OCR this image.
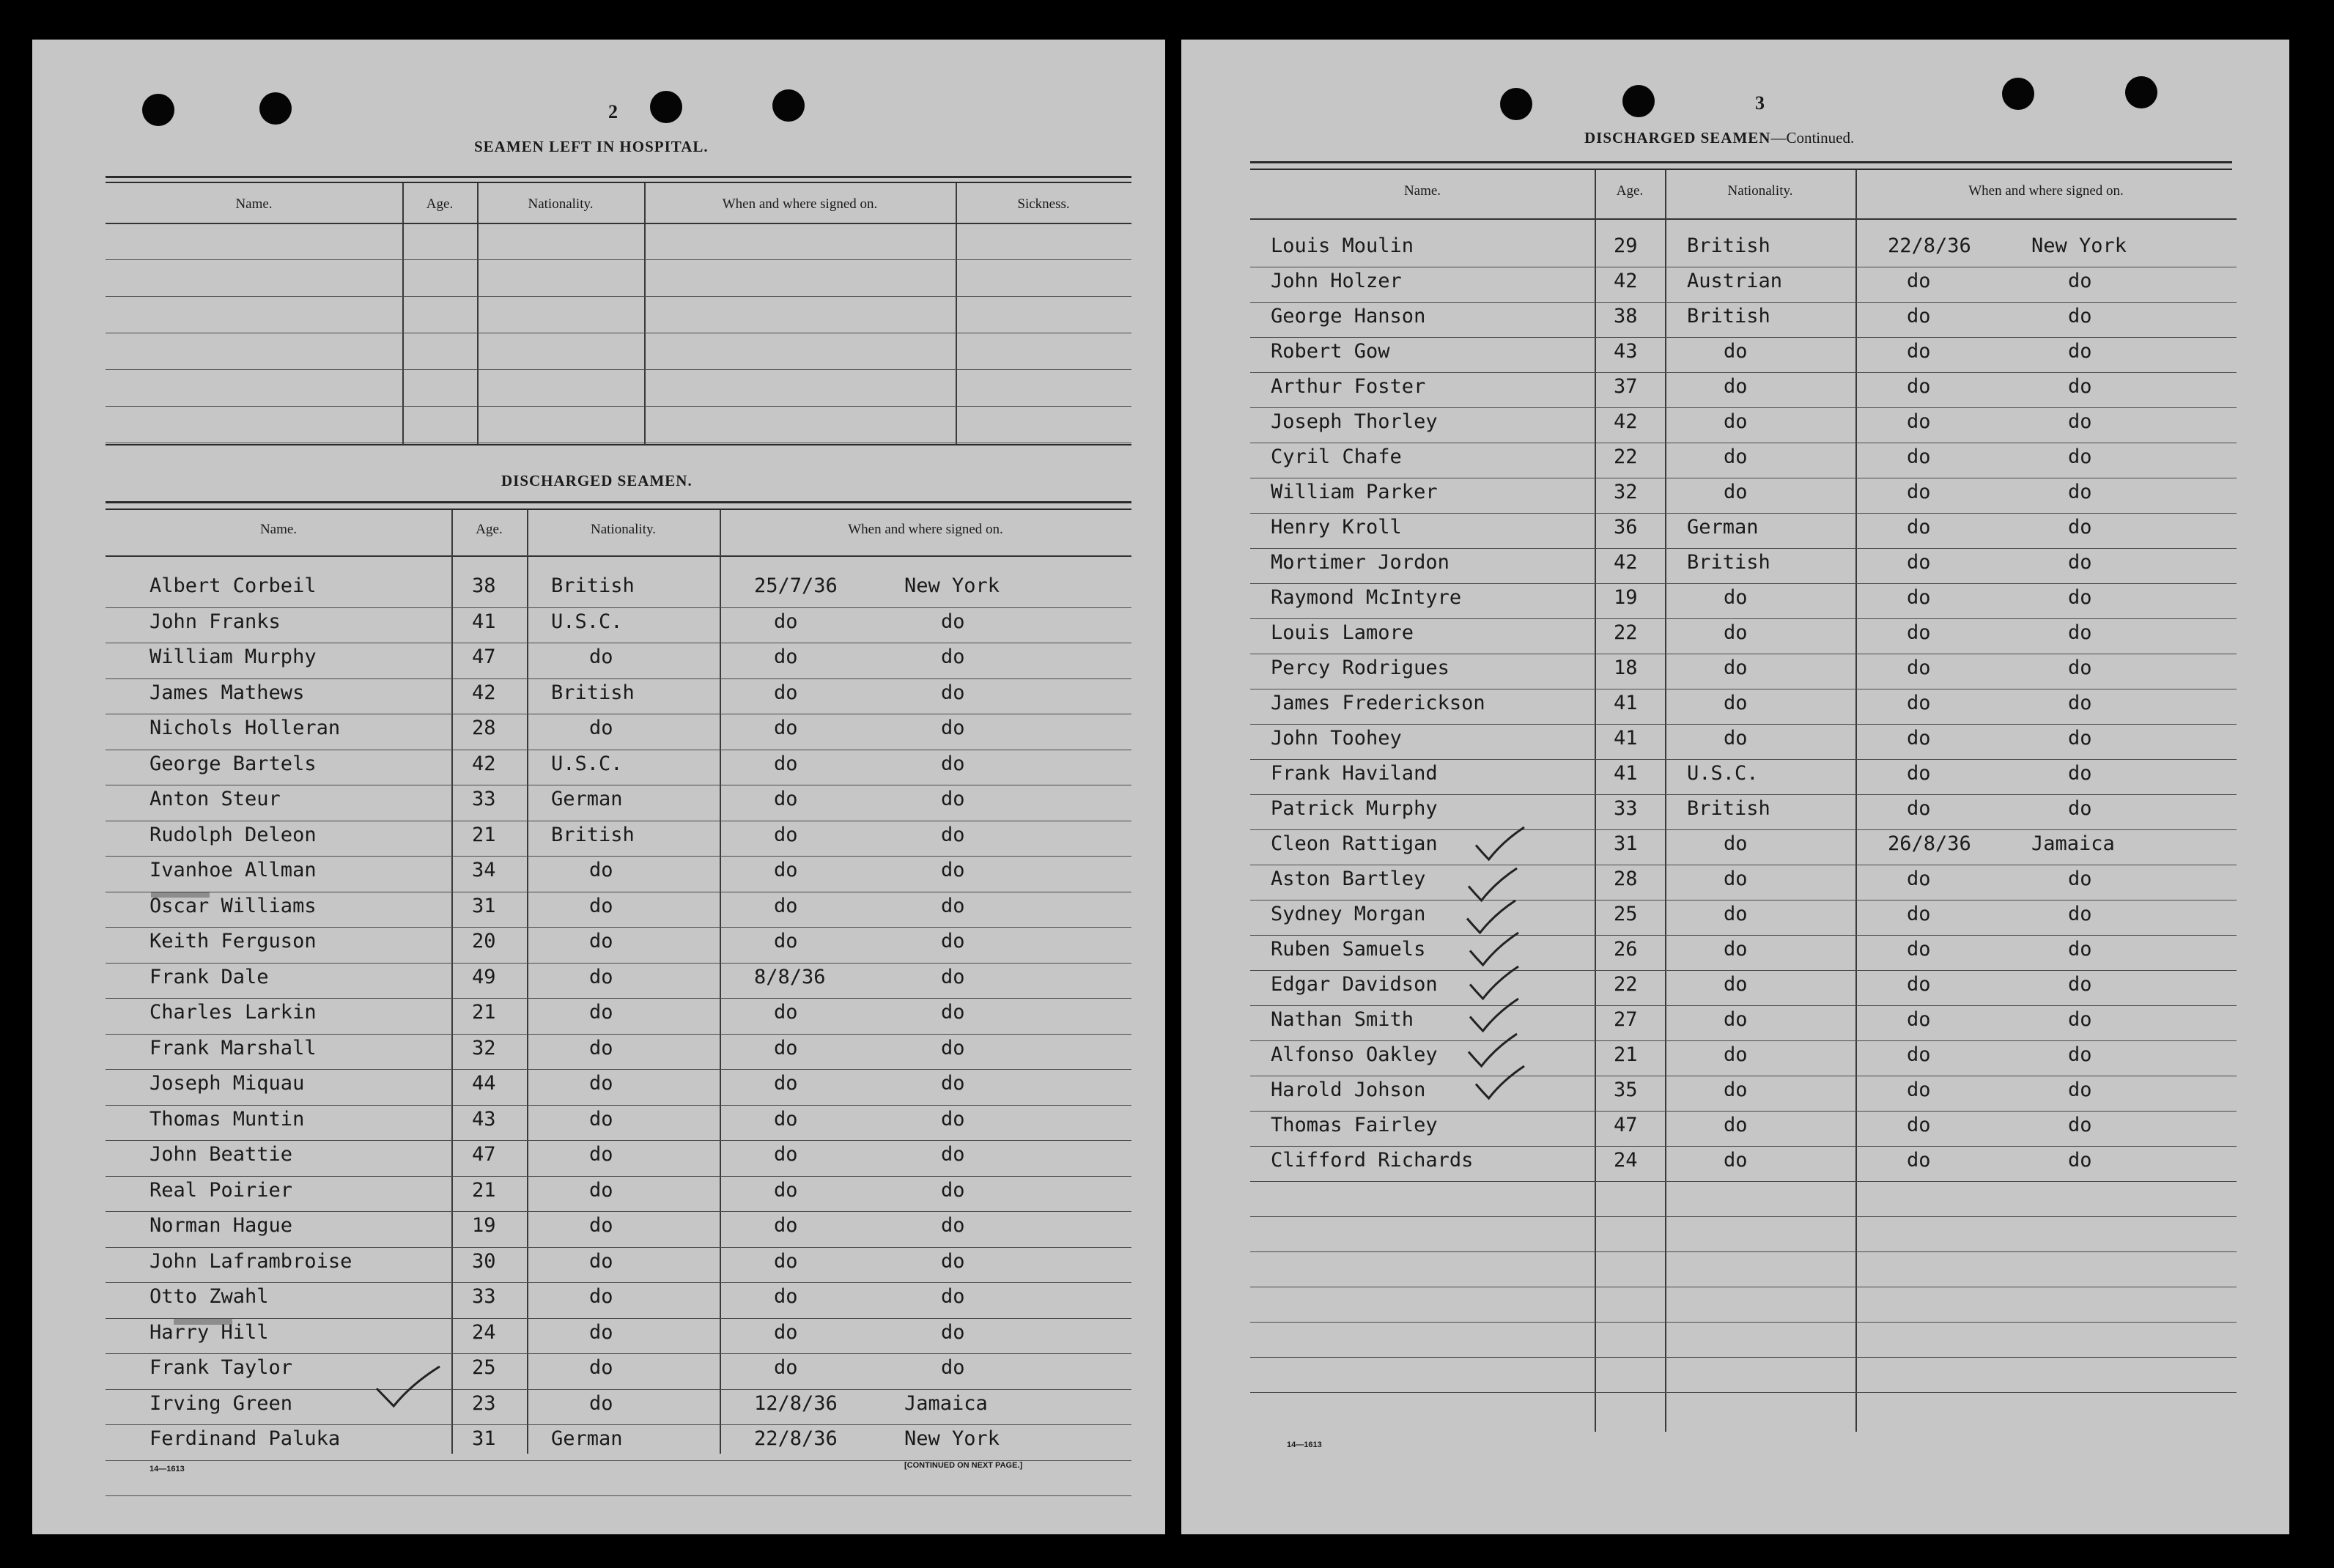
2
SEAMEN LEFT IN HOSPITAL.
Name.	Age.	Nationality.	When and where signed on.	Sickness.
DISCHARGED SEAMEN.
Name.	Age.	Nationality.	When and where signed on.
Albert Corbeil	38	British	25/7/36	New York
John Franks	41	U.S.C.	do	do
William Murphy	47	do	do	do
James Mathews	42	British	do	do
Nichols Holleran	28	do	do	do
George Bartels	42	U.S.C.	do	do
Anton Steur	33	German	do	do
Rudolph Deleon	21	British	do	do
Ivanhoe Allman	34	do	do	do
Oscar Williams	31	do	do	do
Keith Ferguson	20	do	do	do
Frank Dale	49	do	8/8/36	do
Charles Larkin	21	do	do	do
Frank Marshall	32	do	do	do
Joseph Miquau	44	do	do	do
Thomas Muntin	43	do	do	do
John Beattie	47	do	do	do
Real Poirier	21	do	do	do
Norman Hague	19	do	do	do
John Laframbroise	30	do	do	do
Otto Zwahl	33	do	do	do
Harry Hill	24	do	do	do
Frank Taylor	25	do	do	do
Irving Green	23	do	12/8/36	Jamaica
Ferdinand Paluka	31	German	22/8/36	New York
14—1613	[CONTINUED ON NEXT PAGE.]
3
DISCHARGED SEAMEN—Continued.
Name.	Age.	Nationality.	When and where signed on.
Louis Moulin	29 British	22/8/36	New York
John Holzer	42 Austrian	do	do
George Hanson	38 British	do	do
Robert Gow	43	do	do	do
Arthur Foster	37	do	do	do
Joseph Thorley	42	do	do	do
Cyril Chafe	22	do	do	do
William Parker	32	do	do	do
Henry Kroll	36 German	do	do
Mortimer Jordon	42 British	do	do
Raymond McIntyre	19	do	do	do
Louis Lamore	22	do	do	do
Percy Rodrigues	18	do	do	do
James Frederickson	41	do	do	do
John Toohey	41	do	do	do
Frank Haviland	41 U.S.C.	do	do
Patrick Murphy	33 British	do	do
Cleon Rattigan	31	do	26/8/36	Jamaica
Aston Bartley	28	do	do	do
Sydney Morgan	25	do	do	do
Ruben Samuels	26	do	do	do
Edgar Davidson	22	do	do	do
Nathan Smith	27	do	do	do
Alfonso Oakley	21	do	do	do
Harold Johson	35	do	do	do
Thomas Fairley	47	do	do	do
Clifford Richards	24	do	do	do
14—1613
